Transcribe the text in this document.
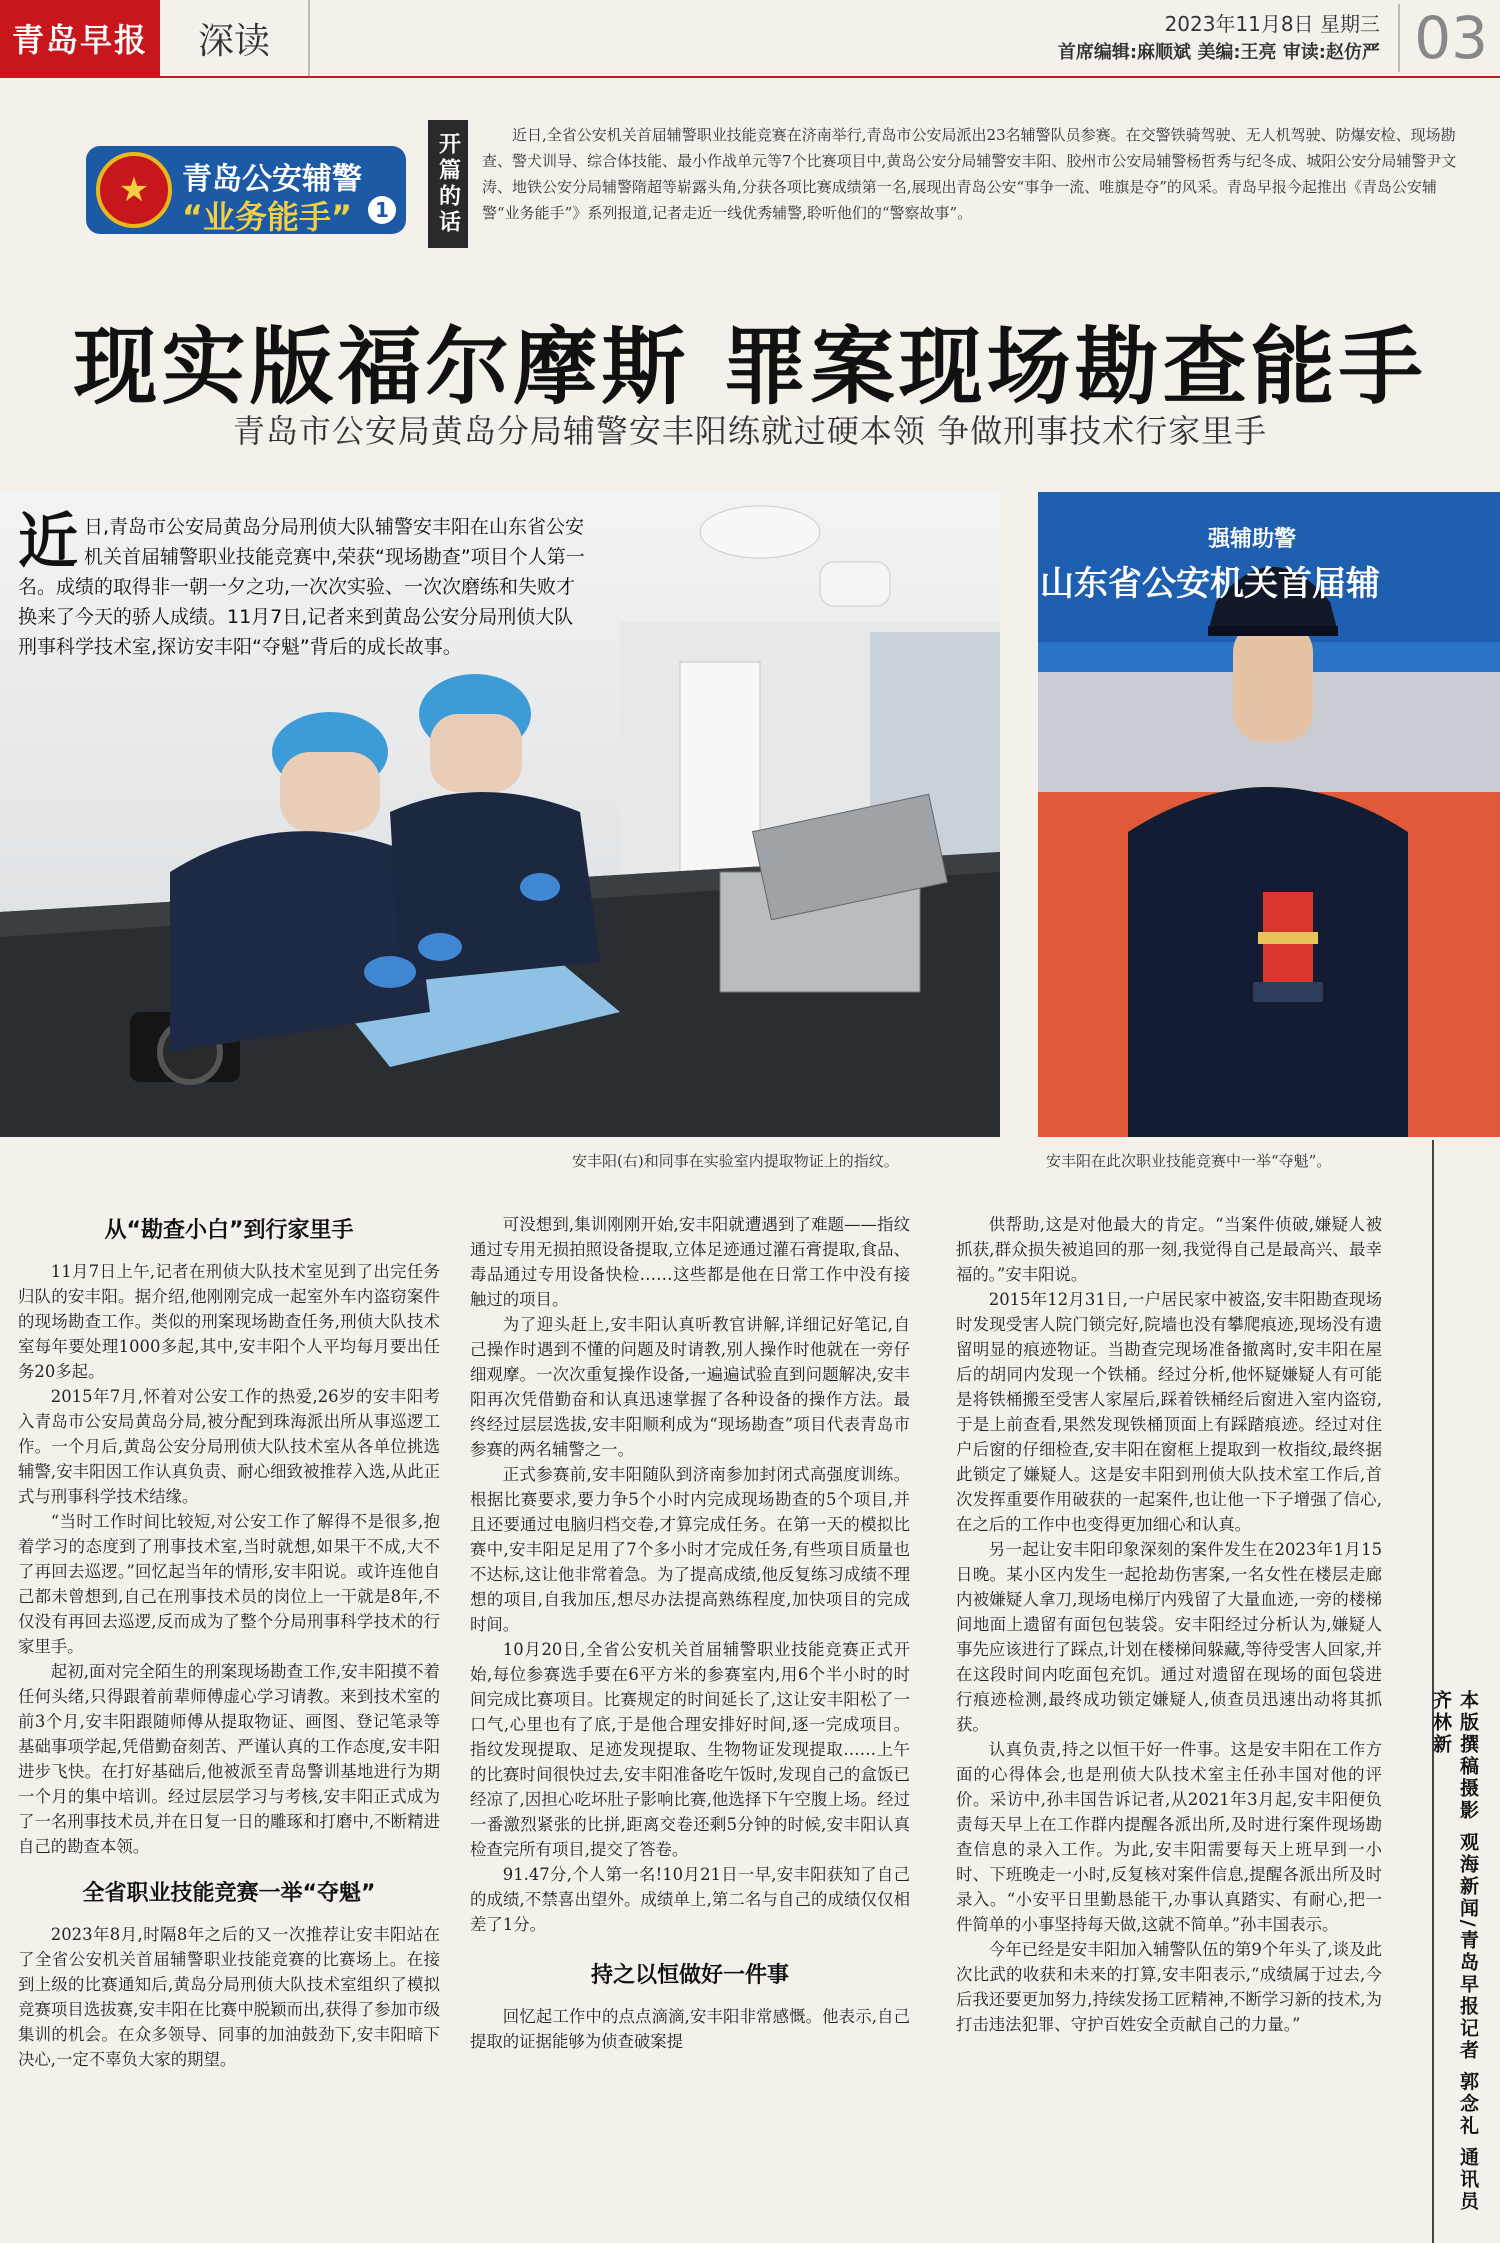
青岛早报	深读	2023年11月8日 星期三
首席编辑:麻顺斌 美编:王亮 审读:赵仿严 03
★	青岛公安辅警
“业务能手”	1	开篇的话	近日,全省公安机关首届辅警职业技能竞赛在济南举行,青岛市公安局派出23名辅警队员参赛。在交警铁骑驾驶、无人机驾驶、防爆安检、现场勘查、警犬训导、综合体技能、最小作战单元等7个比赛项目中,黄岛公安分局辅警安丰阳、胶州市公安局辅警杨哲秀与纪冬成、城阳公安分局辅警尹文涛、地铁公安分局辅警隋超等崭露头角,分获各项比赛成绩第一名,展现出青岛公安“事争一流、唯旗是夺”的风采。青岛早报今起推出《青岛公安辅警“业务能手”》系列报道,记者走近一线优秀辅警,聆听他们的“警察故事”。
现实版福尔摩斯 罪案现场勘查能手
青岛市公安局黄岛分局辅警安丰阳练就过硬本领 争做刑事技术行家里手
近 日,青岛市公安局黄岛分局刑侦大队辅警安丰阳在山东省公安机关首届辅警职业技能竞赛中,荣获“现场勘查”项目个人第一名。成绩的取得非一朝一夕之功,一次次实验、一次次磨练和失败才换来了今天的骄人成绩。11月7日,记者来到黄岛公安分局刑侦大队刑事科学技术室,探访安丰阳“夺魁”背后的成长故事。
强辅助警
山东省公安机关首届辅
安丰阳(右)和同事在实验室内提取物证上的指纹。	安丰阳在此次职业技能竞赛中一举“夺魁”。
从“勘查小白”到行家里手

11月7日上午,记者在刑侦大队技术室见到了出完任务归队的安丰阳。据介绍,他刚刚完成一起室外车内盗窃案件的现场勘查工作。类似的刑案现场勘查任务,刑侦大队技术室每年要处理1000多起,其中,安丰阳个人平均每月要出任务20多起。

2015年7月,怀着对公安工作的热爱,26岁的安丰阳考入青岛市公安局黄岛分局,被分配到珠海派出所从事巡逻工作。一个月后,黄岛公安分局刑侦大队技术室从各单位挑选辅警,安丰阳因工作认真负责、耐心细致被推荐入选,从此正式与刑事科学技术结缘。

“当时工作时间比较短,对公安工作了解得不是很多,抱着学习的态度到了刑事技术室,当时就想,如果干不成,大不了再回去巡逻。”回忆起当年的情形,安丰阳说。或许连他自己都未曾想到,自己在刑事技术员的岗位上一干就是8年,不仅没有再回去巡逻,反而成为了整个分局刑事科学技术的行家里手。

起初,面对完全陌生的刑案现场勘查工作,安丰阳摸不着任何头绪,只得跟着前辈师傅虚心学习请教。来到技术室的前3个月,安丰阳跟随师傅从提取物证、画图、登记笔录等基础事项学起,凭借勤奋刻苦、严谨认真的工作态度,安丰阳进步飞快。在打好基础后,他被派至青岛警训基地进行为期一个月的集中培训。经过层层学习与考核,安丰阳正式成为了一名刑事技术员,并在日复一日的雕琢和打磨中,不断精进自己的勘查本领。

全省职业技能竞赛一举“夺魁”

2023年8月,时隔8年之后的又一次推荐让安丰阳站在了全省公安机关首届辅警职业技能竞赛的比赛场上。在接到上级的比赛通知后,黄岛分局刑侦大队技术室组织了模拟竞赛项目选拔赛,安丰阳在比赛中脱颖而出,获得了参加市级集训的机会。在众多领导、同事的加油鼓劲下,安丰阳暗下决心,一定不辜负大家的期望。

可没想到,集训刚刚开始,安丰阳就遭遇到了难题——指纹通过专用无损拍照设备提取,立体足迹通过灌石膏提取,食品、毒品通过专用设备快检……这些都是他在日常工作中没有接触过的项目。

为了迎头赶上,安丰阳认真听教官讲解,详细记好笔记,自己操作时遇到不懂的问题及时请教,别人操作时他就在一旁仔细观摩。一次次重复操作设备,一遍遍试验直到问题解决,安丰阳再次凭借勤奋和认真迅速掌握了各种设备的操作方法。最终经过层层选拔,安丰阳顺利成为“现场勘查”项目代表青岛市参赛的两名辅警之一。

正式参赛前,安丰阳随队到济南参加封闭式高强度训练。根据比赛要求,要力争5个小时内完成现场勘查的5个项目,并且还要通过电脑归档交卷,才算完成任务。在第一天的模拟比赛中,安丰阳足足用了7个多小时才完成任务,有些项目质量也不达标,这让他非常着急。为了提高成绩,他反复练习成绩不理想的项目,自我加压,想尽办法提高熟练程度,加快项目的完成时间。

10月20日,全省公安机关首届辅警职业技能竞赛正式开始,每位参赛选手要在6平方米的参赛室内,用6个半小时的时间完成比赛项目。比赛规定的时间延长了,这让安丰阳松了一口气,心里也有了底,于是他合理安排好时间,逐一完成项目。指纹发现提取、足迹发现提取、生物物证发现提取……上午的比赛时间很快过去,安丰阳准备吃午饭时,发现自己的盒饭已经凉了,因担心吃坏肚子影响比赛,他选择下午空腹上场。经过一番激烈紧张的比拼,距离交卷还剩5分钟的时候,安丰阳认真检查完所有项目,提交了答卷。

91.47分,个人第一名!10月21日一早,安丰阳获知了自己的成绩,不禁喜出望外。成绩单上,第二名与自己的成绩仅仅相差了1分。

持之以恒做好一件事

回忆起工作中的点点滴滴,安丰阳非常感慨。他表示,自己提取的证据能够为侦查破案提

供帮助,这是对他最大的肯定。“当案件侦破,嫌疑人被抓获,群众损失被追回的那一刻,我觉得自己是最高兴、最幸福的。”安丰阳说。

2015年12月31日,一户居民家中被盗,安丰阳勘查现场时发现受害人院门锁完好,院墙也没有攀爬痕迹,现场没有遗留明显的痕迹物证。当勘查完现场准备撤离时,安丰阳在屋后的胡同内发现一个铁桶。经过分析,他怀疑嫌疑人有可能是将铁桶搬至受害人家屋后,踩着铁桶经后窗进入室内盗窃,于是上前查看,果然发现铁桶顶面上有踩踏痕迹。经过对住户后窗的仔细检查,安丰阳在窗框上提取到一枚指纹,最终据此锁定了嫌疑人。这是安丰阳到刑侦大队技术室工作后,首次发挥重要作用破获的一起案件,也让他一下子增强了信心,在之后的工作中也变得更加细心和认真。

另一起让安丰阳印象深刻的案件发生在2023年1月15日晚。某小区内发生一起抢劫伤害案,一名女性在楼层走廊内被嫌疑人拿刀,现场电梯厅内残留了大量血迹,一旁的楼梯间地面上遗留有面包包装袋。安丰阳经过分析认为,嫌疑人事先应该进行了踩点,计划在楼梯间躲藏,等待受害人回家,并在这段时间内吃面包充饥。通过对遗留在现场的面包袋进行痕迹检测,最终成功锁定嫌疑人,侦查员迅速出动将其抓获。

认真负责,持之以恒干好一件事。这是安丰阳在工作方面的心得体会,也是刑侦大队技术室主任孙丰国对他的评价。采访中,孙丰国告诉记者,从2021年3月起,安丰阳便负责每天早上在工作群内提醒各派出所,及时进行案件现场勘查信息的录入工作。为此,安丰阳需要每天上班早到一小时、下班晚走一小时,反复核对案件信息,提醒各派出所及时录入。“小安平日里勤恳能干,办事认真踏实、有耐心,把一件简单的小事坚持每天做,这就不简单。”孙丰国表示。

今年已经是安丰阳加入辅警队伍的第9个年头了,谈及此次比武的收获和未来的打算,安丰阳表示,“成绩属于过去,今后我还要更加努力,持续发扬工匠精神,不断学习新的技术,为打击违法犯罪、守护百姓安全贡献自己的力量。”	本版撰稿摄影 观海新闻/青岛早报记者 郭念礼 通讯员 齐林新
